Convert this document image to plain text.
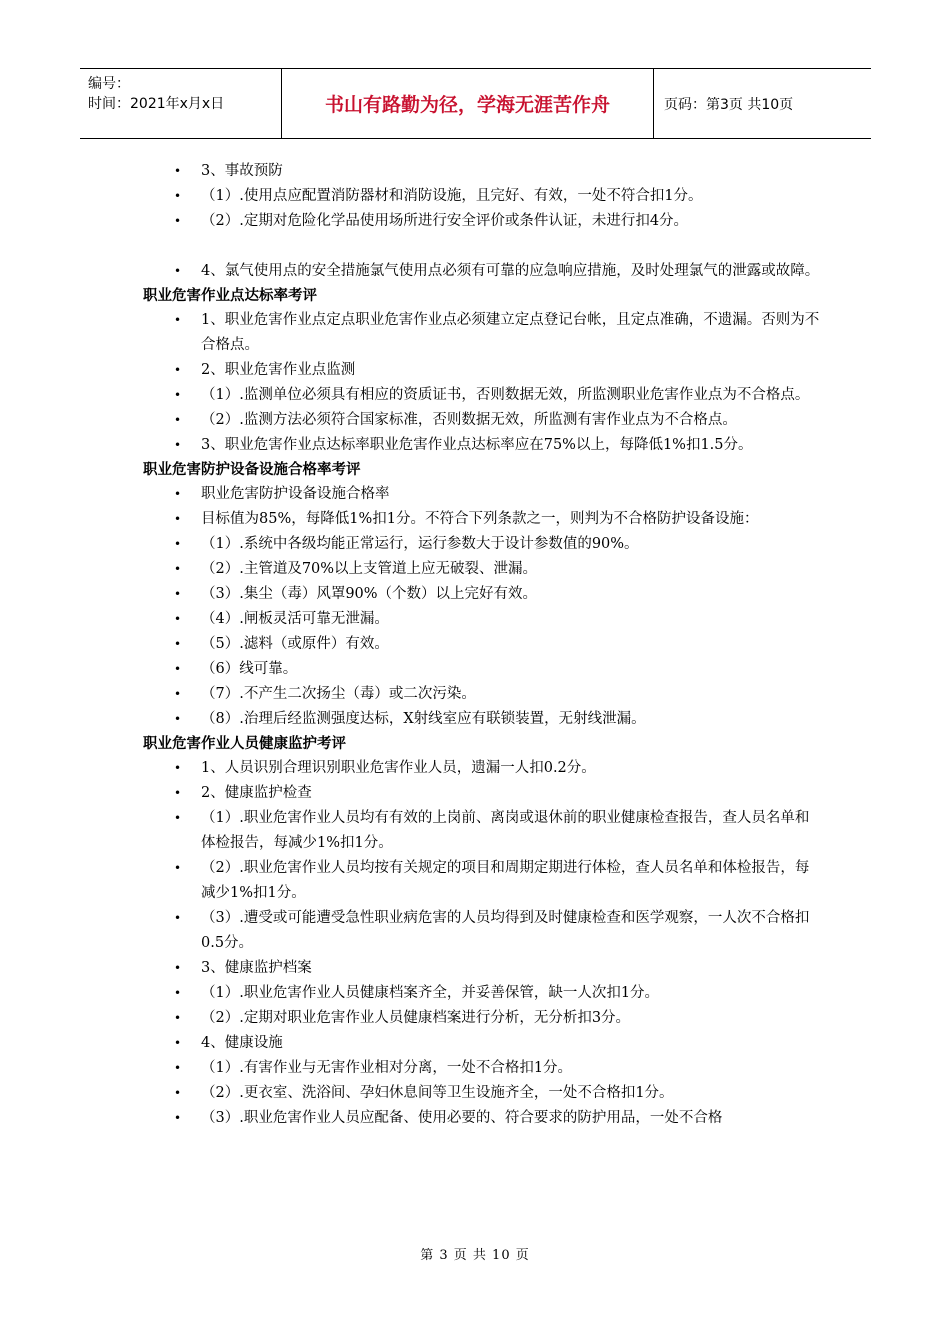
编号：
时间：2021年x月x日	书山有路勤为径，学海无涯苦作舟	页码：第3页 共10页
• 3、事故预防
• （1）.使用点应配置消防器材和消防设施，且完好、有效，一处不符合扣1分。
• （2）.定期对危险化学品使用场所进行安全评价或条件认证，未进行扣4分。
• 4、氯气使用点的安全措施氯气使用点必须有可靠的应急响应措施，及时处理氯气的泄露或故障。
职业危害作业点达标率考评
• 1、职业危害作业点定点职业危害作业点必须建立定点登记台帐，且定点准确，不遗漏。否则为不合格点。
• 2、职业危害作业点监测
• （1）.监测单位必须具有相应的资质证书，否则数据无效，所监测职业危害作业点为不合格点。
• （2）.监测方法必须符合国家标准，否则数据无效，所监测有害作业点为不合格点。
• 3、职业危害作业点达标率职业危害作业点达标率应在75%以上，每降低1%扣1.5分。
职业危害防护设备设施合格率考评
• 职业危害防护设备设施合格率
• 目标值为85%，每降低1%扣1分。不符合下列条款之一，则判为不合格防护设备设施：
• （1）.系统中各级均能正常运行，运行参数大于设计参数值的90%。
• （2）.主管道及70%以上支管道上应无破裂、泄漏。
• （3）.集尘（毒）风罩90%（个数）以上完好有效。
• （4）.闸板灵活可靠无泄漏。
• （5）.滤料（或原件）有效。
• （6）线可靠。
• （7）.不产生二次扬尘（毒）或二次污染。
• （8）.治理后经监测强度达标，X射线室应有联锁装置，无射线泄漏。
职业危害作业人员健康监护考评
• 1、人员识别合理识别职业危害作业人员，遗漏一人扣0.2分。
• 2、健康监护检查
• （1）.职业危害作业人员均有有效的上岗前、离岗或退休前的职业健康检查报告，查人员名单和体检报告，每减少1%扣1分。
• （2）.职业危害作业人员均按有关规定的项目和周期定期进行体检，查人员名单和体检报告，每减少1%扣1分。
• （3）.遭受或可能遭受急性职业病危害的人员均得到及时健康检查和医学观察，一人次不合格扣0.5分。
• 3、健康监护档案
• （1）.职业危害作业人员健康档案齐全，并妥善保管，缺一人次扣1分。
• （2）.定期对职业危害作业人员健康档案进行分析，无分析扣3分。
• 4、健康设施
• （1）.有害作业与无害作业相对分离，一处不合格扣1分。
• （2）.更衣室、洗浴间、孕妇休息间等卫生设施齐全，一处不合格扣1分。
• （3）.职业危害作业人员应配备、使用必要的、符合要求的防护用品，一处不合格
第 3 页 共 10 页
